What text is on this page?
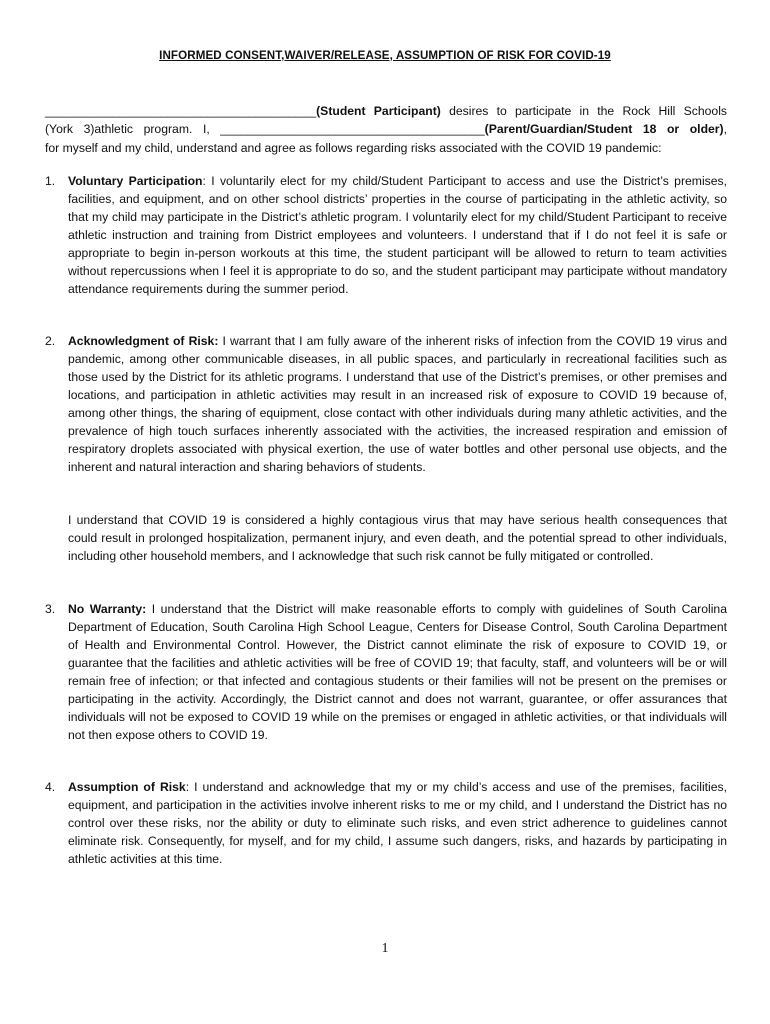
INFORMED CONSENT,WAIVER/RELEASE, ASSUMPTION OF RISK FOR COVID-19

________________________________________(Student Participant) desires to participate in the Rock Hill Schools
(York 3)athletic program. I, _______________________________________(Parent/Guardian/Student 18 or older),
for myself and my child, understand and agree as follows regarding risks associated with the COVID 19 pandemic:

1.	Voluntary Participation: I voluntarily elect for my child/Student Participant to access and use the District’s premises, facilities, and equipment, and on other school districts’ properties in the course of participating in the athletic activity, so that my child may participate in the District’s athletic program. I voluntarily elect for my child/Student Participant to receive athletic instruction and training from District employees and volunteers. I understand that if I do not feel it is safe or appropriate to begin in-person workouts at this time, the student participant will be allowed to return to team activities without repercussions when I feel it is appropriate to do so, and the student participant may participate without mandatory attendance requirements during the summer period.
2.	Acknowledgment of Risk: I warrant that I am fully aware of the inherent risks of infection from the COVID 19 virus and pandemic, among other communicable diseases, in all public spaces, and particularly in recreational facilities such as those used by the District for its athletic programs. I understand that use of the District’s premises, or other premises and locations, and participation in athletic activities may result in an increased risk of exposure to COVID 19 because of, among other things, the sharing of equipment, close contact with other individuals during many athletic activities, and the prevalence of high touch surfaces inherently associated with the activities, the increased respiration and emission of respiratory droplets associated with physical exertion, the use of water bottles and other personal use objects, and the inherent and natural interaction and sharing behaviors of students.

I understand that COVID 19 is considered a highly contagious virus that may have serious health consequences that could result in prolonged hospitalization, permanent injury, and even death, and the potential spread to other individuals, including other household members, and I acknowledge that such risk cannot be fully mitigated or controlled.

3.	No Warranty: I understand that the District will make reasonable efforts to comply with guidelines of South Carolina Department of Education, South Carolina High School League, Centers for Disease Control, South Carolina Department of Health and Environmental Control. However, the District cannot eliminate the risk of exposure to COVID 19, or guarantee that the facilities and athletic activities will be free of COVID 19; that faculty, staff, and volunteers will be or will remain free of infection; or that infected and contagious students or their families will not be present on the premises or participating in the activity. Accordingly, the District cannot and does not warrant, guarantee, or offer assurances that individuals will not be exposed to COVID 19 while on the premises or engaged in athletic activities, or that individuals will not then expose others to COVID 19.
4.	Assumption of Risk: I understand and acknowledge that my or my child’s access and use of the premises, facilities, equipment, and participation in the activities involve inherent risks to me or my child, and I understand the District has no control over these risks, nor the ability or duty to eliminate such risks, and even strict adherence to guidelines cannot eliminate risk. Consequently, for myself, and for my child, I assume such dangers, risks, and hazards by participating in athletic activities at this time.
1
